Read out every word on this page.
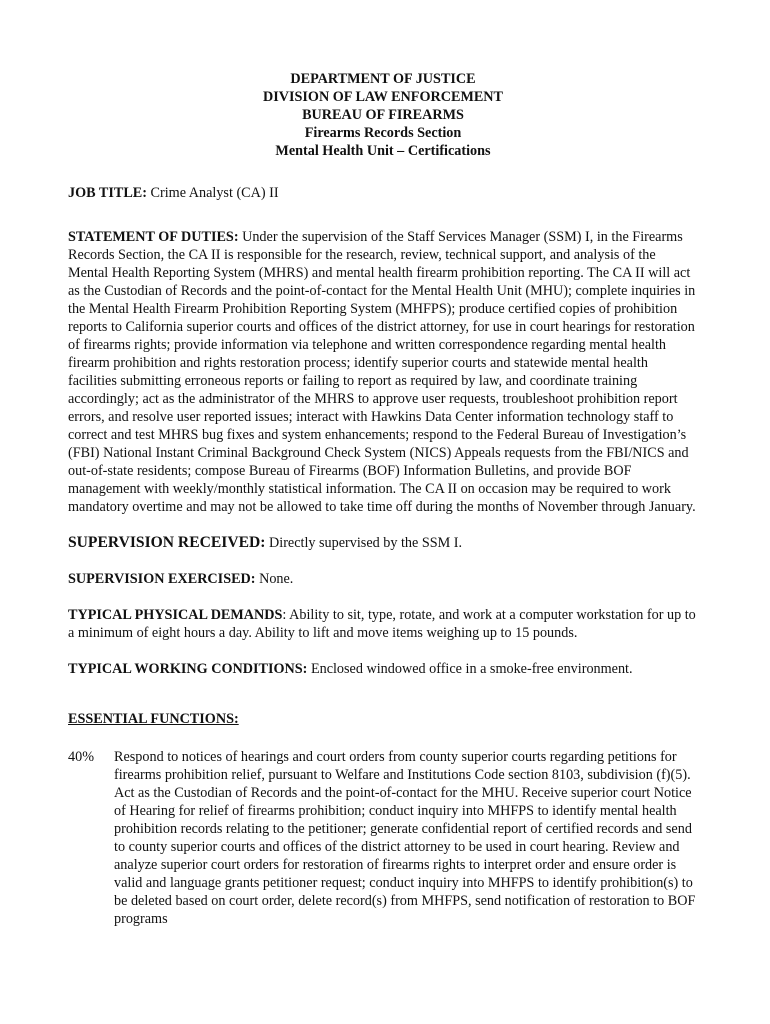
DEPARTMENT OF JUSTICE
DIVISION OF LAW ENFORCEMENT
BUREAU OF FIREARMS
Firearms Records Section
Mental Health Unit – Certifications

JOB TITLE: Crime Analyst (CA) II

STATEMENT OF DUTIES: Under the supervision of the Staff Services Manager (SSM) I, in the Firearms Records Section, the CA II is responsible for the research, review, technical support, and analysis of the Mental Health Reporting System (MHRS) and mental health firearm prohibition reporting. The CA II will act as the Custodian of Records and the point-of-contact for the Mental Health Unit (MHU); complete inquiries in the Mental Health Firearm Prohibition Reporting System (MHFPS); produce certified copies of prohibition reports to California superior courts and offices of the district attorney, for use in court hearings for restoration of firearms rights; provide information via telephone and written correspondence regarding mental health firearm prohibition and rights restoration process; identify superior courts and statewide mental health facilities submitting erroneous reports or failing to report as required by law, and coordinate training accordingly; act as the administrator of the MHRS to approve user requests, troubleshoot prohibition report errors, and resolve user reported issues; interact with Hawkins Data Center information technology staff to correct and test MHRS bug fixes and system enhancements; respond to the Federal Bureau of Investigation’s (FBI) National Instant Criminal Background Check System (NICS) Appeals requests from the FBI/NICS and out-of-state residents; compose Bureau of Firearms (BOF) Information Bulletins, and provide BOF management with weekly/monthly statistical information. The CA II on occasion may be required to work mandatory overtime and may not be allowed to take time off during the months of November through January.

SUPERVISION RECEIVED: Directly supervised by the SSM I.

SUPERVISION EXERCISED: None.

TYPICAL PHYSICAL DEMANDS: Ability to sit, type, rotate, and work at a computer workstation for up to a minimum of eight hours a day. Ability to lift and move items weighing up to 15 pounds.

TYPICAL WORKING CONDITIONS: Enclosed windowed office in a smoke-free environment.

ESSENTIAL FUNCTIONS:
40%	Respond to notices of hearings and court orders from county superior courts regarding petitions for firearms prohibition relief, pursuant to Welfare and Institutions Code section 8103, subdivision (f)(5). Act as the Custodian of Records and the point-of-contact for the MHU. Receive superior court Notice of Hearing for relief of firearms prohibition; conduct inquiry into MHFPS to identify mental health prohibition records relating to the petitioner; generate confidential report of certified records and send to county superior courts and offices of the district attorney to be used in court hearing. Review and analyze superior court orders for restoration of firearms rights to interpret order and ensure order is valid and language grants petitioner request; conduct inquiry into MHFPS to identify prohibition(s) to be deleted based on court order, delete record(s) from MHFPS, send notification of restoration to BOF programs
